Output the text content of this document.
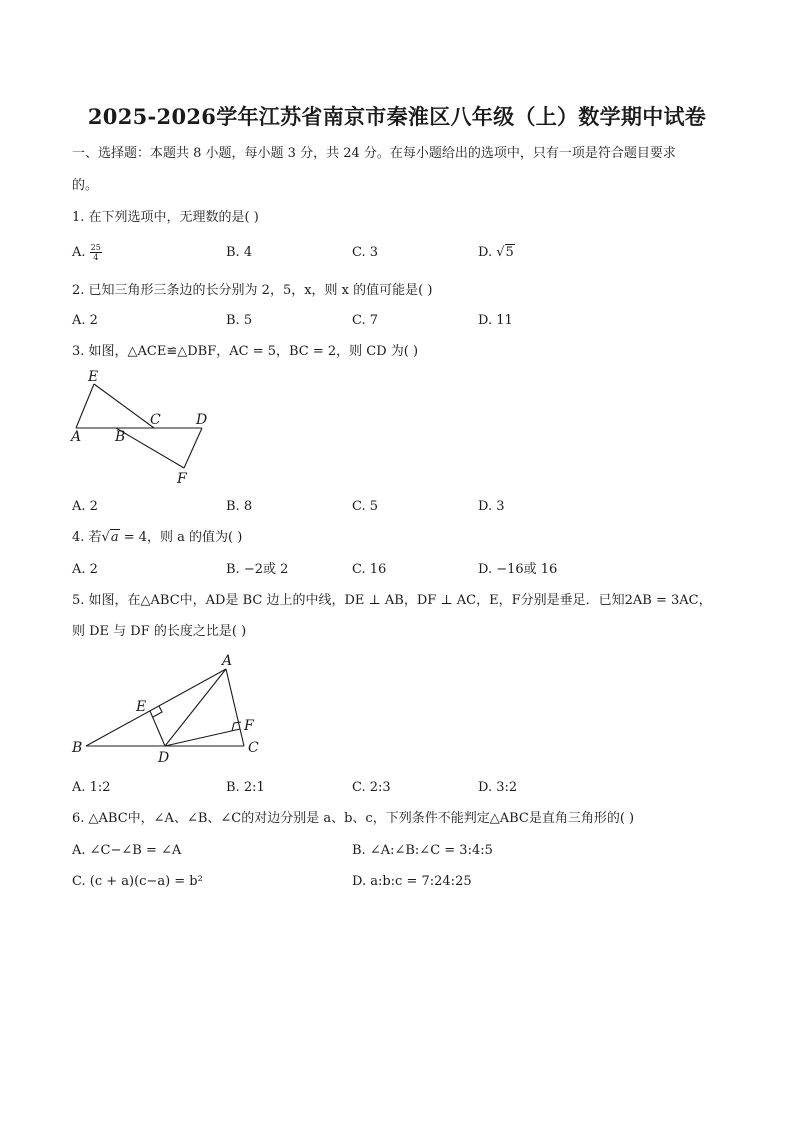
2025-2026学年江苏省南京市秦淮区八年级（上）数学期中试卷
一、选择题：本题共 8 小题，每小题 3 分，共 24 分。在每小题给出的选项中，只有一项是符合题目要求
的。
1. 在下列选项中，无理数的是( )
A. $\frac{25}{4}$	B. 4	C. 3	D. √5
2. 已知三角形三条边的长分别为 2，5，x，则 x 的值可能是( )
A. 2	B. 5	C. 7	D. 11
3. 如图，△ACE≌△DBF，AC = 5，BC = 2，则 CD 为( )
E
C	D
A B
F
A. 2	B. 8	C. 5	D. 3
4. 若√a = 4，则 a 的值为( )
A. 2	B. −2或 2	C. 16	D. −16或 16
5. 如图，在△ABC中，AD是 BC 边上的中线，DE ⊥ AB，DF ⊥ AC，E，F分别是垂足．已知2AB = 3AC，
则 DE 与 DF 的长度之比是( )
A
E
F
B
D
C
A. 1:2	B. 2:1	C. 2:3	D. 3:2
6. △ABC中，∠A、∠B、∠C的对边分别是 a、b、c，下列条件不能判定△ABC是直角三角形的( )
A. ∠C−∠B = ∠A	B. ∠A:∠B:∠C = 3:4:5
C. (c + a)(c−a) = b²	D. a:b:c = 7:24:25
